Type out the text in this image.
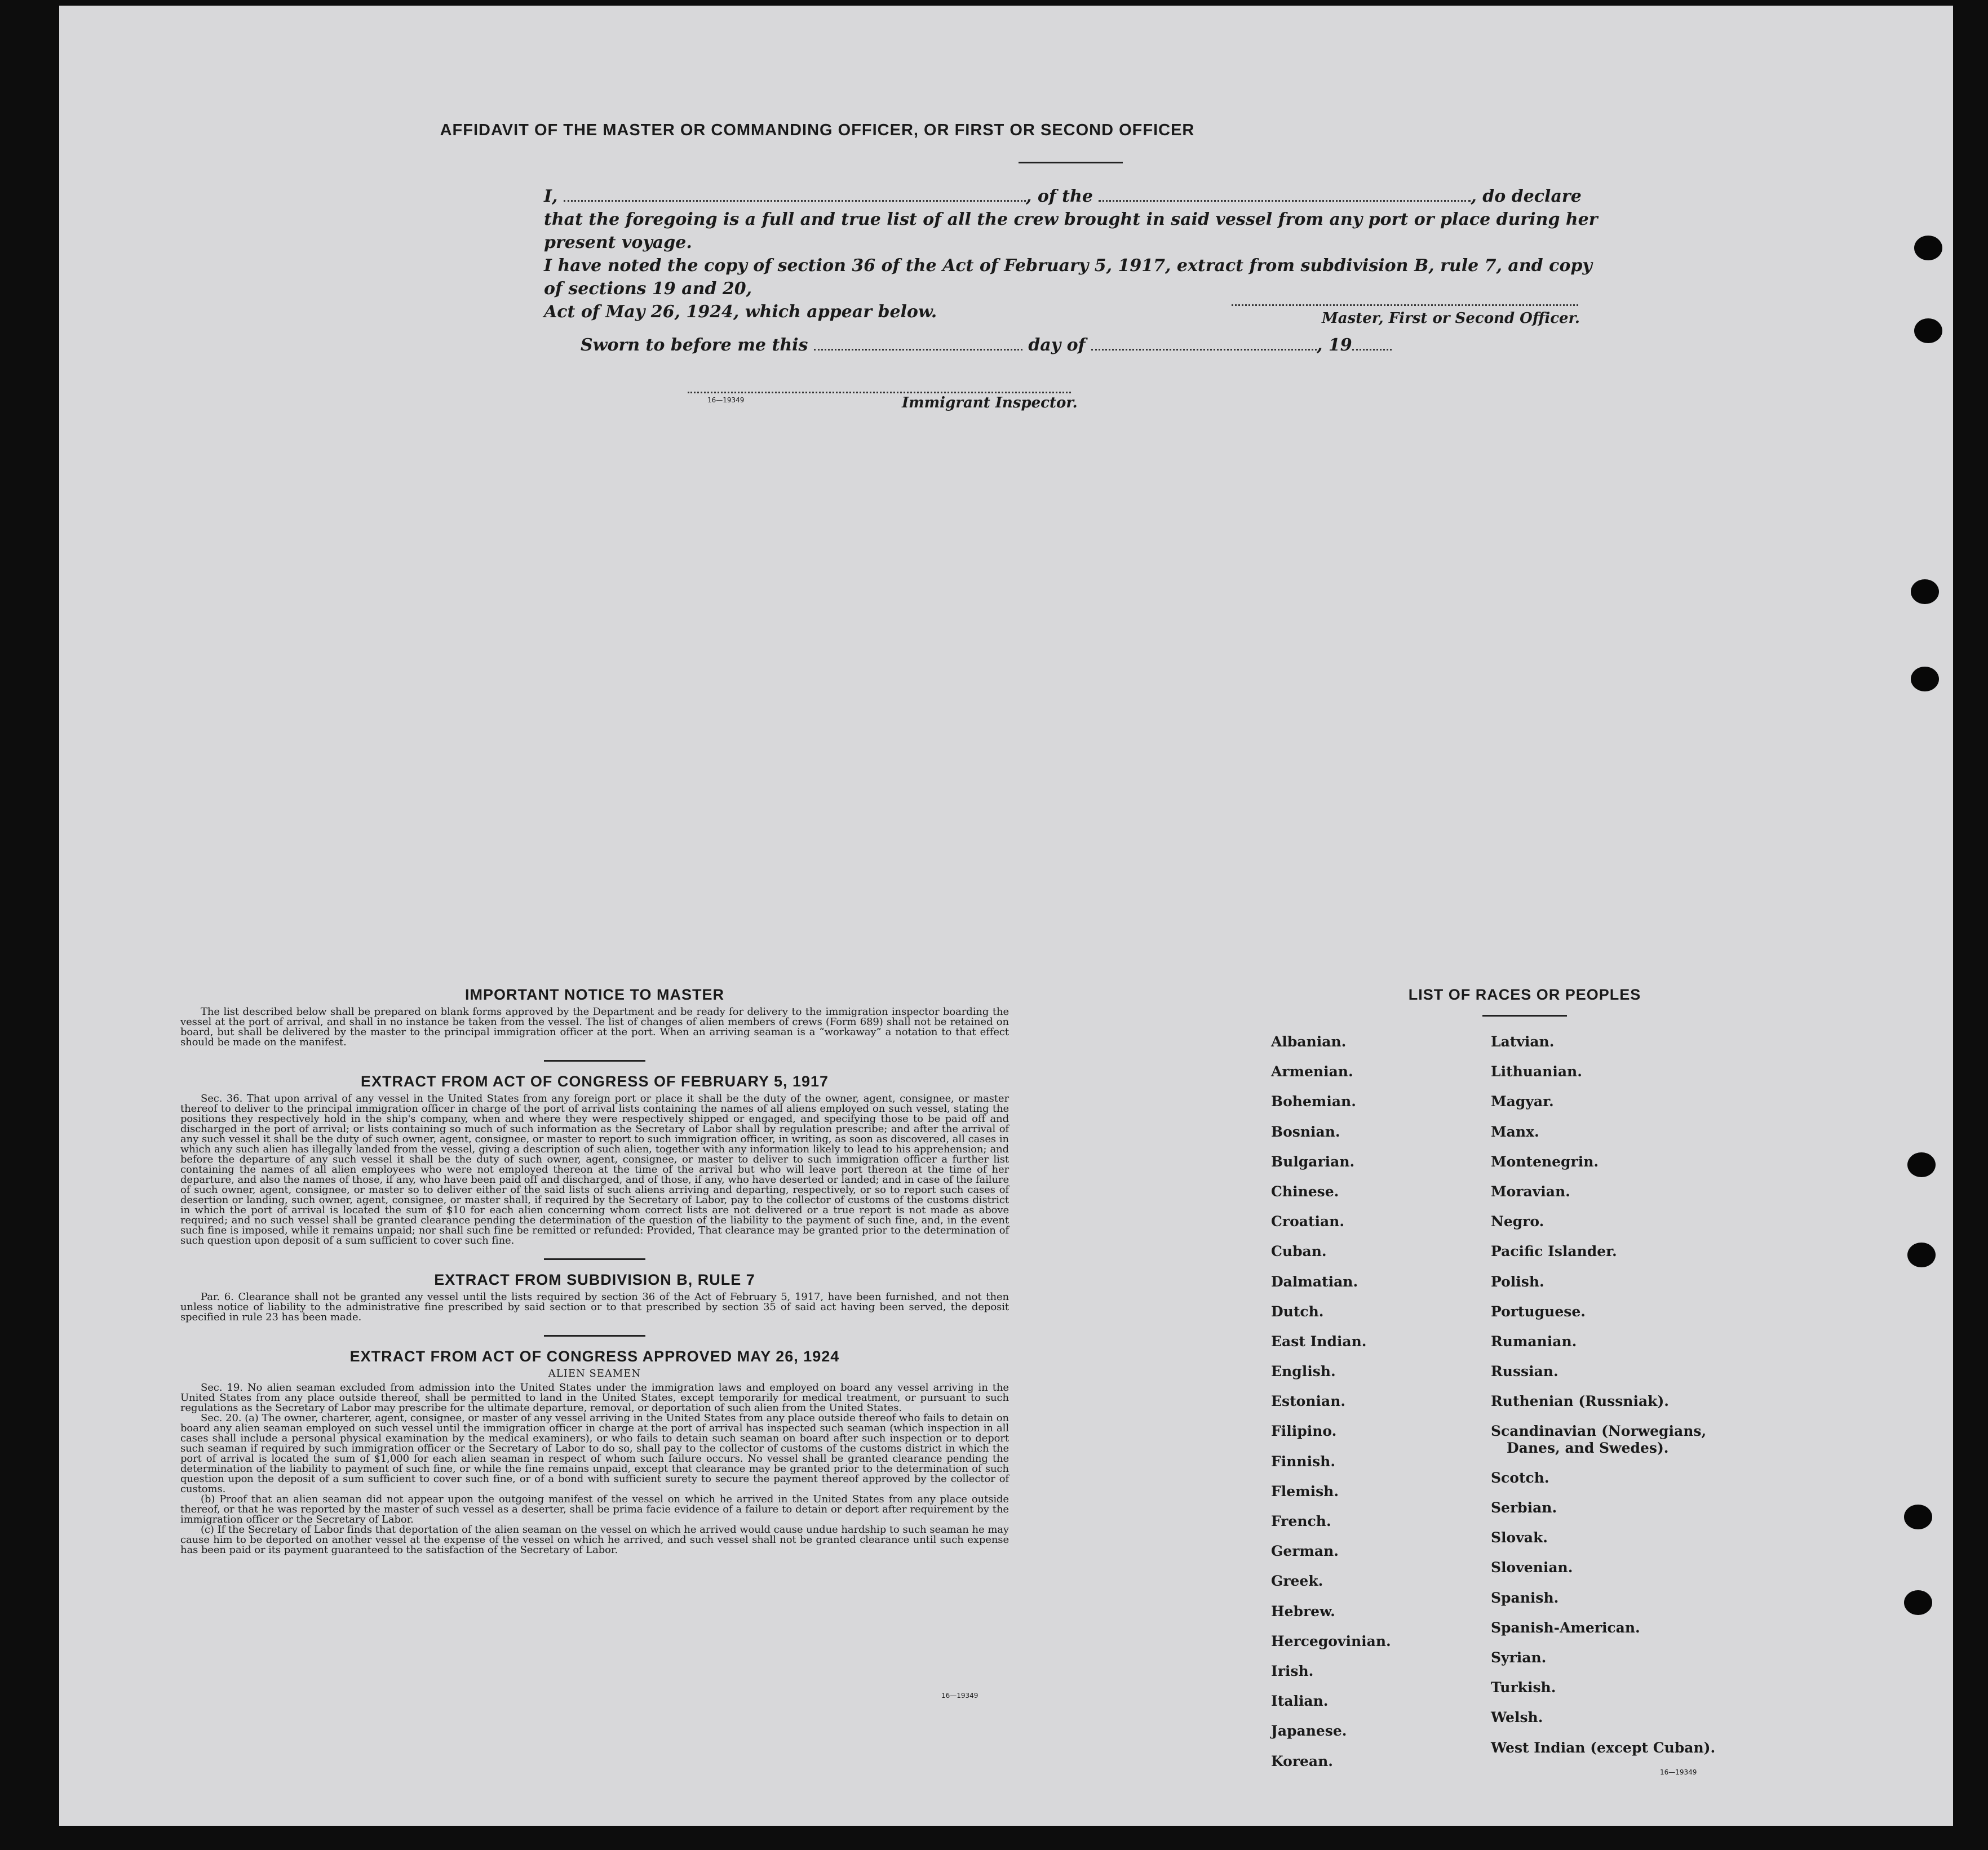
AFFIDAVIT OF THE MASTER OR COMMANDING OFFICER, OR FIRST OR SECOND OFFICER
I,	, of the	, do declare
that the foregoing is a full and true list of all the crew brought in said vessel from any port or place during her present voyage.
I have noted the copy of section 36 of the Act of February 5, 1917, extract from subdivision B, rule 7, and copy of sections 19 and 20,
Act of May 26, 1924, which appear below.	Master, First or Second Officer.
Sworn to before me this	day of	, 19
16—19349	Immigrant Inspector.
IMPORTANT NOTICE TO MASTER

The list described below shall be prepared on blank forms approved by the Department and be ready for delivery to the immigration inspector boarding the vessel at the port of arrival, and shall in no instance be taken from the vessel. The list of changes of alien members of crews (Form 689) shall not be retained on board, but shall be delivered by the master to the principal immigration officer at the port. When an arriving seaman is a “workaway” a notation to that effect should be made on the manifest.

EXTRACT FROM ACT OF CONGRESS OF FEBRUARY 5, 1917

Sec. 36. That upon arrival of any vessel in the United States from any foreign port or place it shall be the duty of the owner, agent, consignee, or master thereof to deliver to the principal immigration officer in charge of the port of arrival lists containing the names of all aliens employed on such vessel, stating the positions they respectively hold in the ship's company, when and where they were respectively shipped or engaged, and specifying those to be paid off and discharged in the port of arrival; or lists containing so much of such information as the Secretary of Labor shall by regulation prescribe; and after the arrival of any such vessel it shall be the duty of such owner, agent, consignee, or master to report to such immigration officer, in writing, as soon as discovered, all cases in which any such alien has illegally landed from the vessel, giving a description of such alien, together with any information likely to lead to his apprehension; and before the departure of any such vessel it shall be the duty of such owner, agent, consignee, or master to deliver to such immigration officer a further list containing the names of all alien employees who were not employed thereon at the time of the arrival but who will leave port thereon at the time of her departure, and also the names of those, if any, who have been paid off and discharged, and of those, if any, who have deserted or landed; and in case of the failure of such owner, agent, consignee, or master so to deliver either of the said lists of such aliens arriving and departing, respectively, or so to report such cases of desertion or landing, such owner, agent, consignee, or master shall, if required by the Secretary of Labor, pay to the collector of customs of the customs district in which the port of arrival is located the sum of $10 for each alien concerning whom correct lists are not delivered or a true report is not made as above required; and no such vessel shall be granted clearance pending the determination of the question of the liability to the payment of such fine, and, in the event such fine is imposed, while it remains unpaid; nor shall such fine be remitted or refunded: Provided, That clearance may be granted prior to the determination of such question upon deposit of a sum sufficient to cover such fine.

EXTRACT FROM SUBDIVISION B, RULE 7

Par. 6. Clearance shall not be granted any vessel until the lists required by section 36 of the Act of February 5, 1917, have been furnished, and not then unless notice of liability to the administrative fine prescribed by said section or to that prescribed by section 35 of said act having been served, the deposit specified in rule 23 has been made.

EXTRACT FROM ACT OF CONGRESS APPROVED MAY 26, 1924
ALIEN SEAMEN

Sec. 19. No alien seaman excluded from admission into the United States under the immigration laws and employed on board any vessel arriving in the United States from any place outside thereof, shall be permitted to land in the United States, except temporarily for medical treatment, or pursuant to such regulations as the Secretary of Labor may prescribe for the ultimate departure, removal, or deportation of such alien from the United States.

Sec. 20. (a) The owner, charterer, agent, consignee, or master of any vessel arriving in the United States from any place outside thereof who fails to detain on board any alien seaman employed on such vessel until the immigration officer in charge at the port of arrival has inspected such seaman (which inspection in all cases shall include a personal physical examination by the medical examiners), or who fails to detain such seaman on board after such inspection or to deport such seaman if required by such immigration officer or the Secretary of Labor to do so, shall pay to the collector of customs of the customs district in which the port of arrival is located the sum of $1,000 for each alien seaman in respect of whom such failure occurs. No vessel shall be granted clearance pending the determination of the liability to payment of such fine, or while the fine remains unpaid, except that clearance may be granted prior to the determination of such question upon the deposit of a sum sufficient to cover such fine, or of a bond with sufficient surety to secure the payment thereof approved by the collector of customs.

(b) Proof that an alien seaman did not appear upon the outgoing manifest of the vessel on which he arrived in the United States from any place outside thereof, or that he was reported by the master of such vessel as a deserter, shall be prima facie evidence of a failure to detain or deport after requirement by the immigration officer or the Secretary of Labor.

(c) If the Secretary of Labor finds that deportation of the alien seaman on the vessel on which he arrived would cause undue hardship to such seaman he may cause him to be deported on another vessel at the expense of the vessel on which he arrived, and such vessel shall not be granted clearance until such expense has been paid or its payment guaranteed to the satisfaction of the Secretary of Labor.

16—19349
LIST OF RACES OR PEOPLES
Albanian.
Armenian.
Bohemian.
Bosnian.
Bulgarian.
Chinese.
Croatian.
Cuban.
Dalmatian.
Dutch.
East Indian.
English.
Estonian.
Filipino.
Finnish.
Flemish.
French.
German.
Greek.
Hebrew.
Hercegovinian.
Irish.
Italian.
Japanese.
Korean.
Latvian.
Lithuanian.
Magyar.
Manx.
Montenegrin.
Moravian.
Negro.
Pacific Islander.
Polish.
Portuguese.
Rumanian.
Russian.
Ruthenian (Russniak).
Scandinavian (Norwegians,
Danes, and Swedes).
Scotch.
Serbian.
Slovak.
Slovenian.
Spanish.
Spanish-American.
Syrian.
Turkish.
Welsh.
West Indian (except Cuban).
16—19349
